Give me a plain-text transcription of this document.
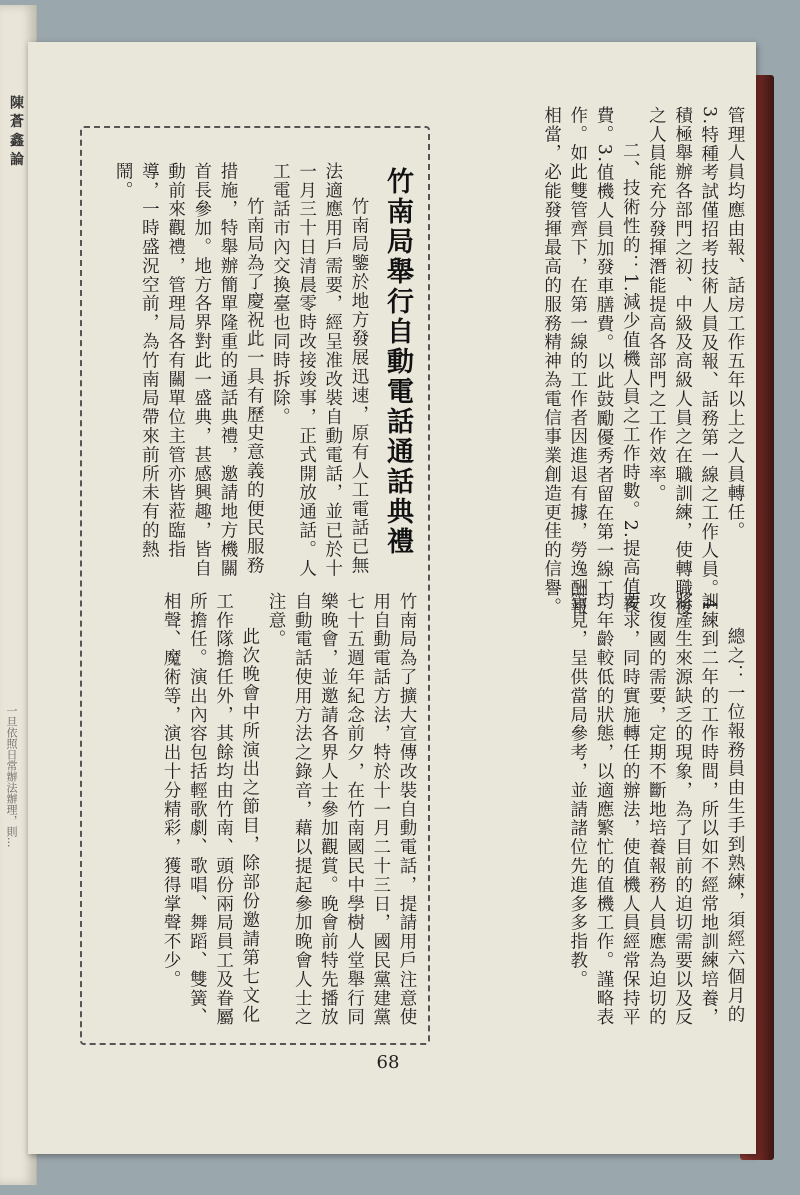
陳 蒼 鑫 論
一旦依照日常辦法辦理，則...

管理人員均應由報、話房工作五年以上之人員轉任。

3.特種考試僅招考技術人員及報、話務第一線之工作人員。4.積極舉辦各部門之初、中級及高級人員之在職訓練，使轉職後之人員能充分發揮潛能提高各部門之工作效率。

二、技術性的：1.減少值機人員之工作時數。2.提高值夜費。3.值機人員加發車膳費。以此鼓勵優秀者留在第一線工作。如此雙管齊下，在第一線的工作者因進退有據，勞逸酬報相當，必能發揮最高的服務精神為電信事業創造更佳的信譽。

總之：一位報務員由生手到熟練，須經六個月的訓練到二年的工作時間，所以如不經常地訓練培養，將產生來源缺乏的現象，為了目前的迫切需要以及反攻復國的需要，定期不斷地培養報務人員應為迫切的要求，同時實施轉任的辦法，使值機人員經常保持平均年齡較低的狀態，以適應繁忙的值機工作。謹略表管見，呈供當局參考，並請諸位先進多多指教。

竹南局舉行自動電話通話典禮

竹南局鑒於地方發展迅速，原有人工電話已無法適應用戶需要，經呈准改裝自動電話，並已於十一月三十日清晨零時改接竣事，正式開放通話。人工電話市內交換臺也同時拆除。

竹南局為了慶祝此一具有歷史意義的便民服務措施，特舉辦簡單隆重的通話典禮，邀請地方機關首長參加。地方各界對此一盛典，甚感興趣，皆自動前來觀禮，管理局各有關單位主管亦皆蒞臨指導，一時盛況空前，為竹南局帶來前所未有的熱鬧。

竹南局為了擴大宣傳改裝自動電話，提請用戶注意使用自動電話方法，特於十一月二十三日，國民黨建黨七十五週年紀念前夕，在竹南國民中學樹人堂舉行同樂晚會，並邀請各界人士參加觀賞。晚會前特先播放自動電話使用方法之錄音，藉以提起參加晚會人士之注意。

此次晚會中所演出之節目，除部份邀請第七文化工作隊擔任外，其餘均由竹南、頭份兩局員工及眷屬所擔任。演出內容包括輕歌劇、歌唱、舞蹈、雙簧、相聲、魔術等，演出十分精彩，獲得掌聲不少。

68
